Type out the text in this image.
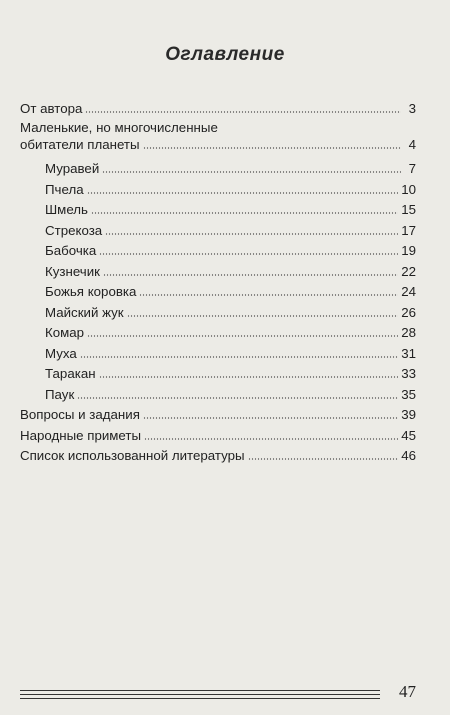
Оглавление
От автора	3
Маленькие, но многочисленные
обитатели планеты	4
Муравей	7
Пчела	10
Шмель	15
Стрекоза	17
Бабочка	19
Кузнечик	22
Божья коровка	24
Майский жук	26
Комар	28
Муха	31
Таракан	33
Паук	35
Вопросы и задания	39
Народные приметы	45
Список использованной литературы	46
47
